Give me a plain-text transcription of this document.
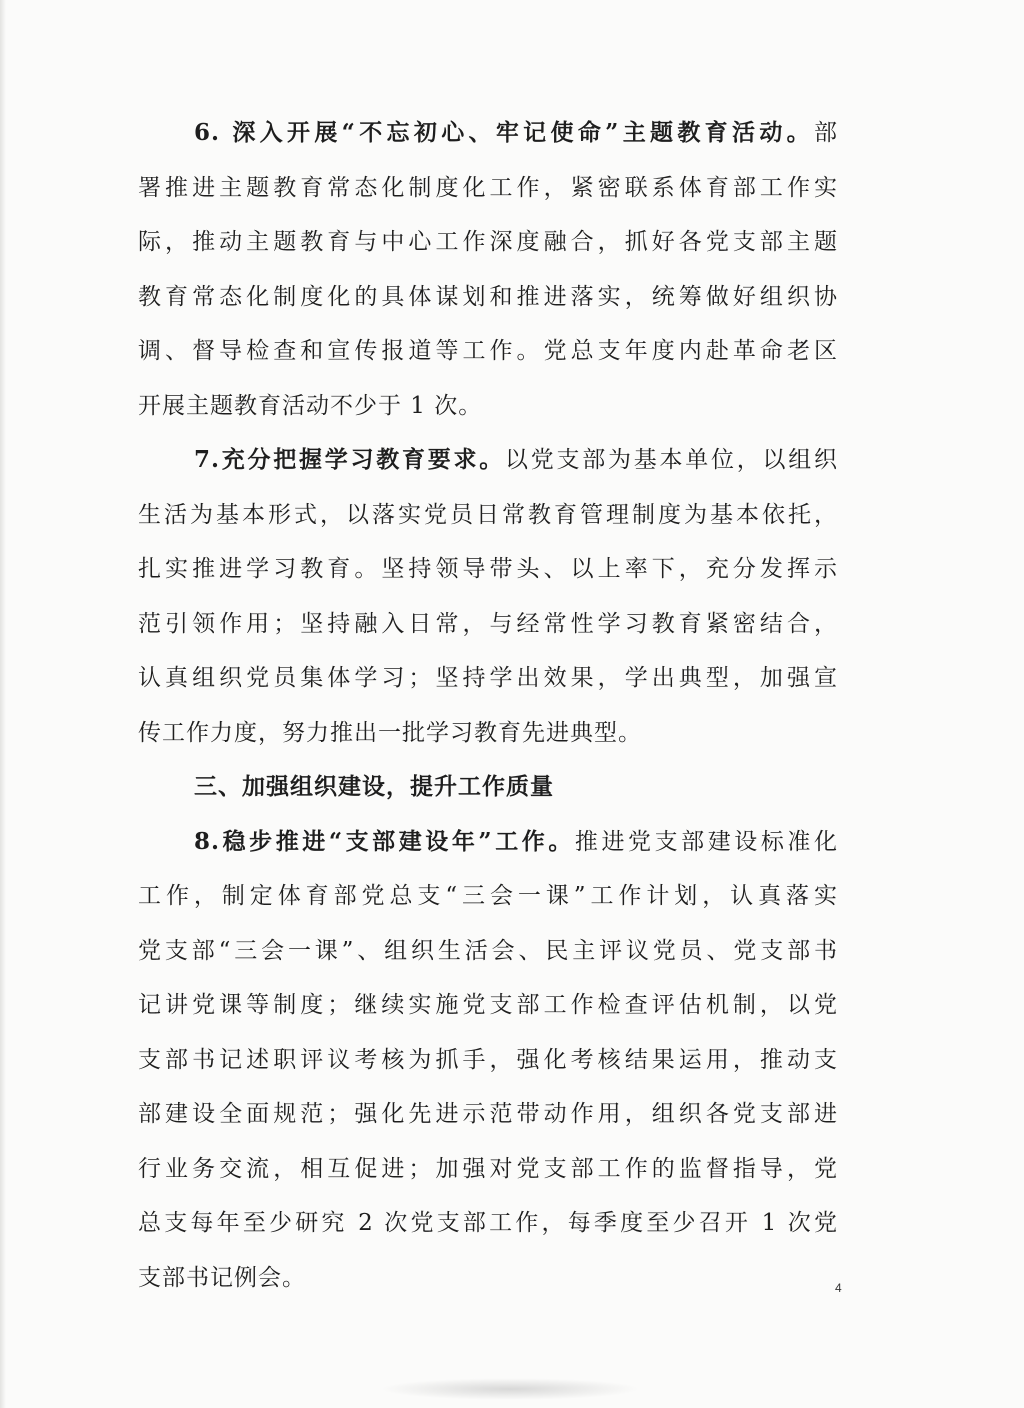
6. 深入开展“不忘初心、牢记使命”主题教育活动。部
署推进主题教育常态化制度化工作，紧密联系体育部工作实
际，推动主题教育与中心工作深度融合，抓好各党支部主题
教育常态化制度化的具体谋划和推进落实，统筹做好组织协
调、督导检查和宣传报道等工作。党总支年度内赴革命老区
开展主题教育活动不少于 1 次。
7.充分把握学习教育要求。以党支部为基本单位，以组织
生活为基本形式，以落实党员日常教育管理制度为基本依托，
扎实推进学习教育。坚持领导带头、以上率下，充分发挥示
范引领作用；坚持融入日常，与经常性学习教育紧密结合，
认真组织党员集体学习；坚持学出效果，学出典型，加强宣
传工作力度，努力推出一批学习教育先进典型。
三、加强组织建设，提升工作质量
8.稳步推进“支部建设年”工作。推进党支部建设标准化
工作，制定体育部党总支“三会一课”工作计划，认真落实
党支部“三会一课”、组织生活会、民主评议党员、党支部书
记讲党课等制度；继续实施党支部工作检查评估机制，以党
支部书记述职评议考核为抓手，强化考核结果运用，推动支
部建设全面规范；强化先进示范带动作用，组织各党支部进
行业务交流，相互促进；加强对党支部工作的监督指导，党
总支每年至少研究 2 次党支部工作，每季度至少召开 1 次党
支部书记例会。	4
